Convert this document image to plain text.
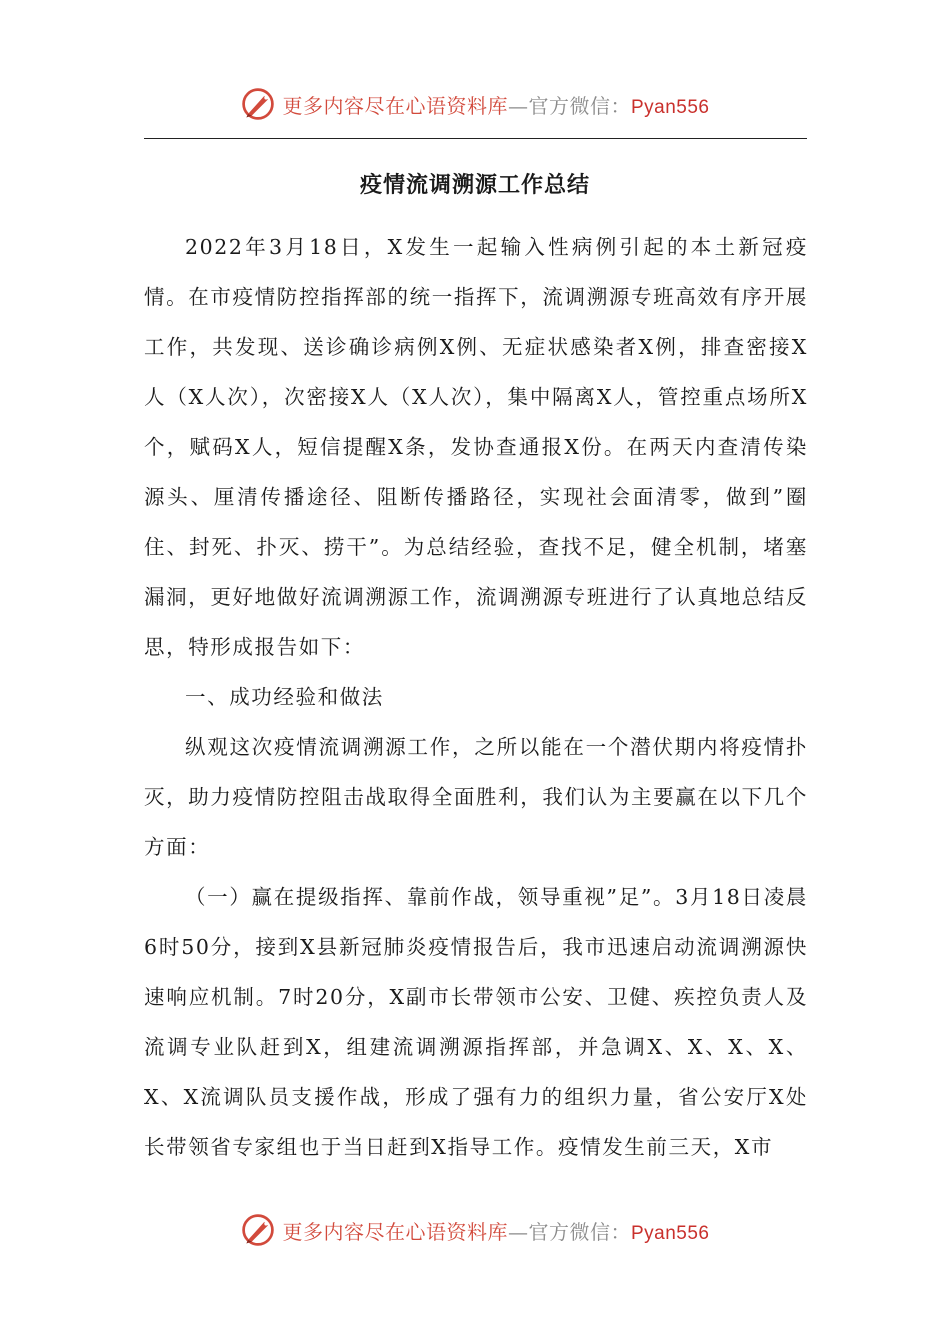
更多内容尽在心语资料库—官方微信：Pyan556
疫情流调溯源工作总结

2022年3月18日，X发生一起输入性病例引起的本土新冠疫情。在市疫情防控指挥部的统一指挥下，流调溯源专班高效有序开展工作，共发现、送诊确诊病例X例、无症状感染者X例，排查密接X人（X人次），次密接X人（X人次），集中隔离X人，管控重点场所X个，赋码X人，短信提醒X条，发协查通报X份。在两天内查清传染源头、厘清传播途径、阻断传播路径，实现社会面清零，做到”圈住、封死、扑灭、捞干”。为总结经验，查找不足，健全机制，堵塞漏洞，更好地做好流调溯源工作，流调溯源专班进行了认真地总结反思，特形成报告如下：

一、成功经验和做法

纵观这次疫情流调溯源工作，之所以能在一个潜伏期内将疫情扑灭，助力疫情防控阻击战取得全面胜利，我们认为主要赢在以下几个方面：

（一）赢在提级指挥、靠前作战，领导重视”足”。3月18日凌晨6时50分，接到X县新冠肺炎疫情报告后，我市迅速启动流调溯源快速响应机制。7时20分，X副市长带领市公安、卫健、疾控负责人及流调专业队赶到X，组建流调溯源指挥部，并急调X、X、X、X、X、X流调队员支援作战，形成了强有力的组织力量，省公安厅X处长带领省专家组也于当日赶到X指导工作。疫情发生前三天，X市

更多内容尽在心语资料库—官方微信：Pyan556
